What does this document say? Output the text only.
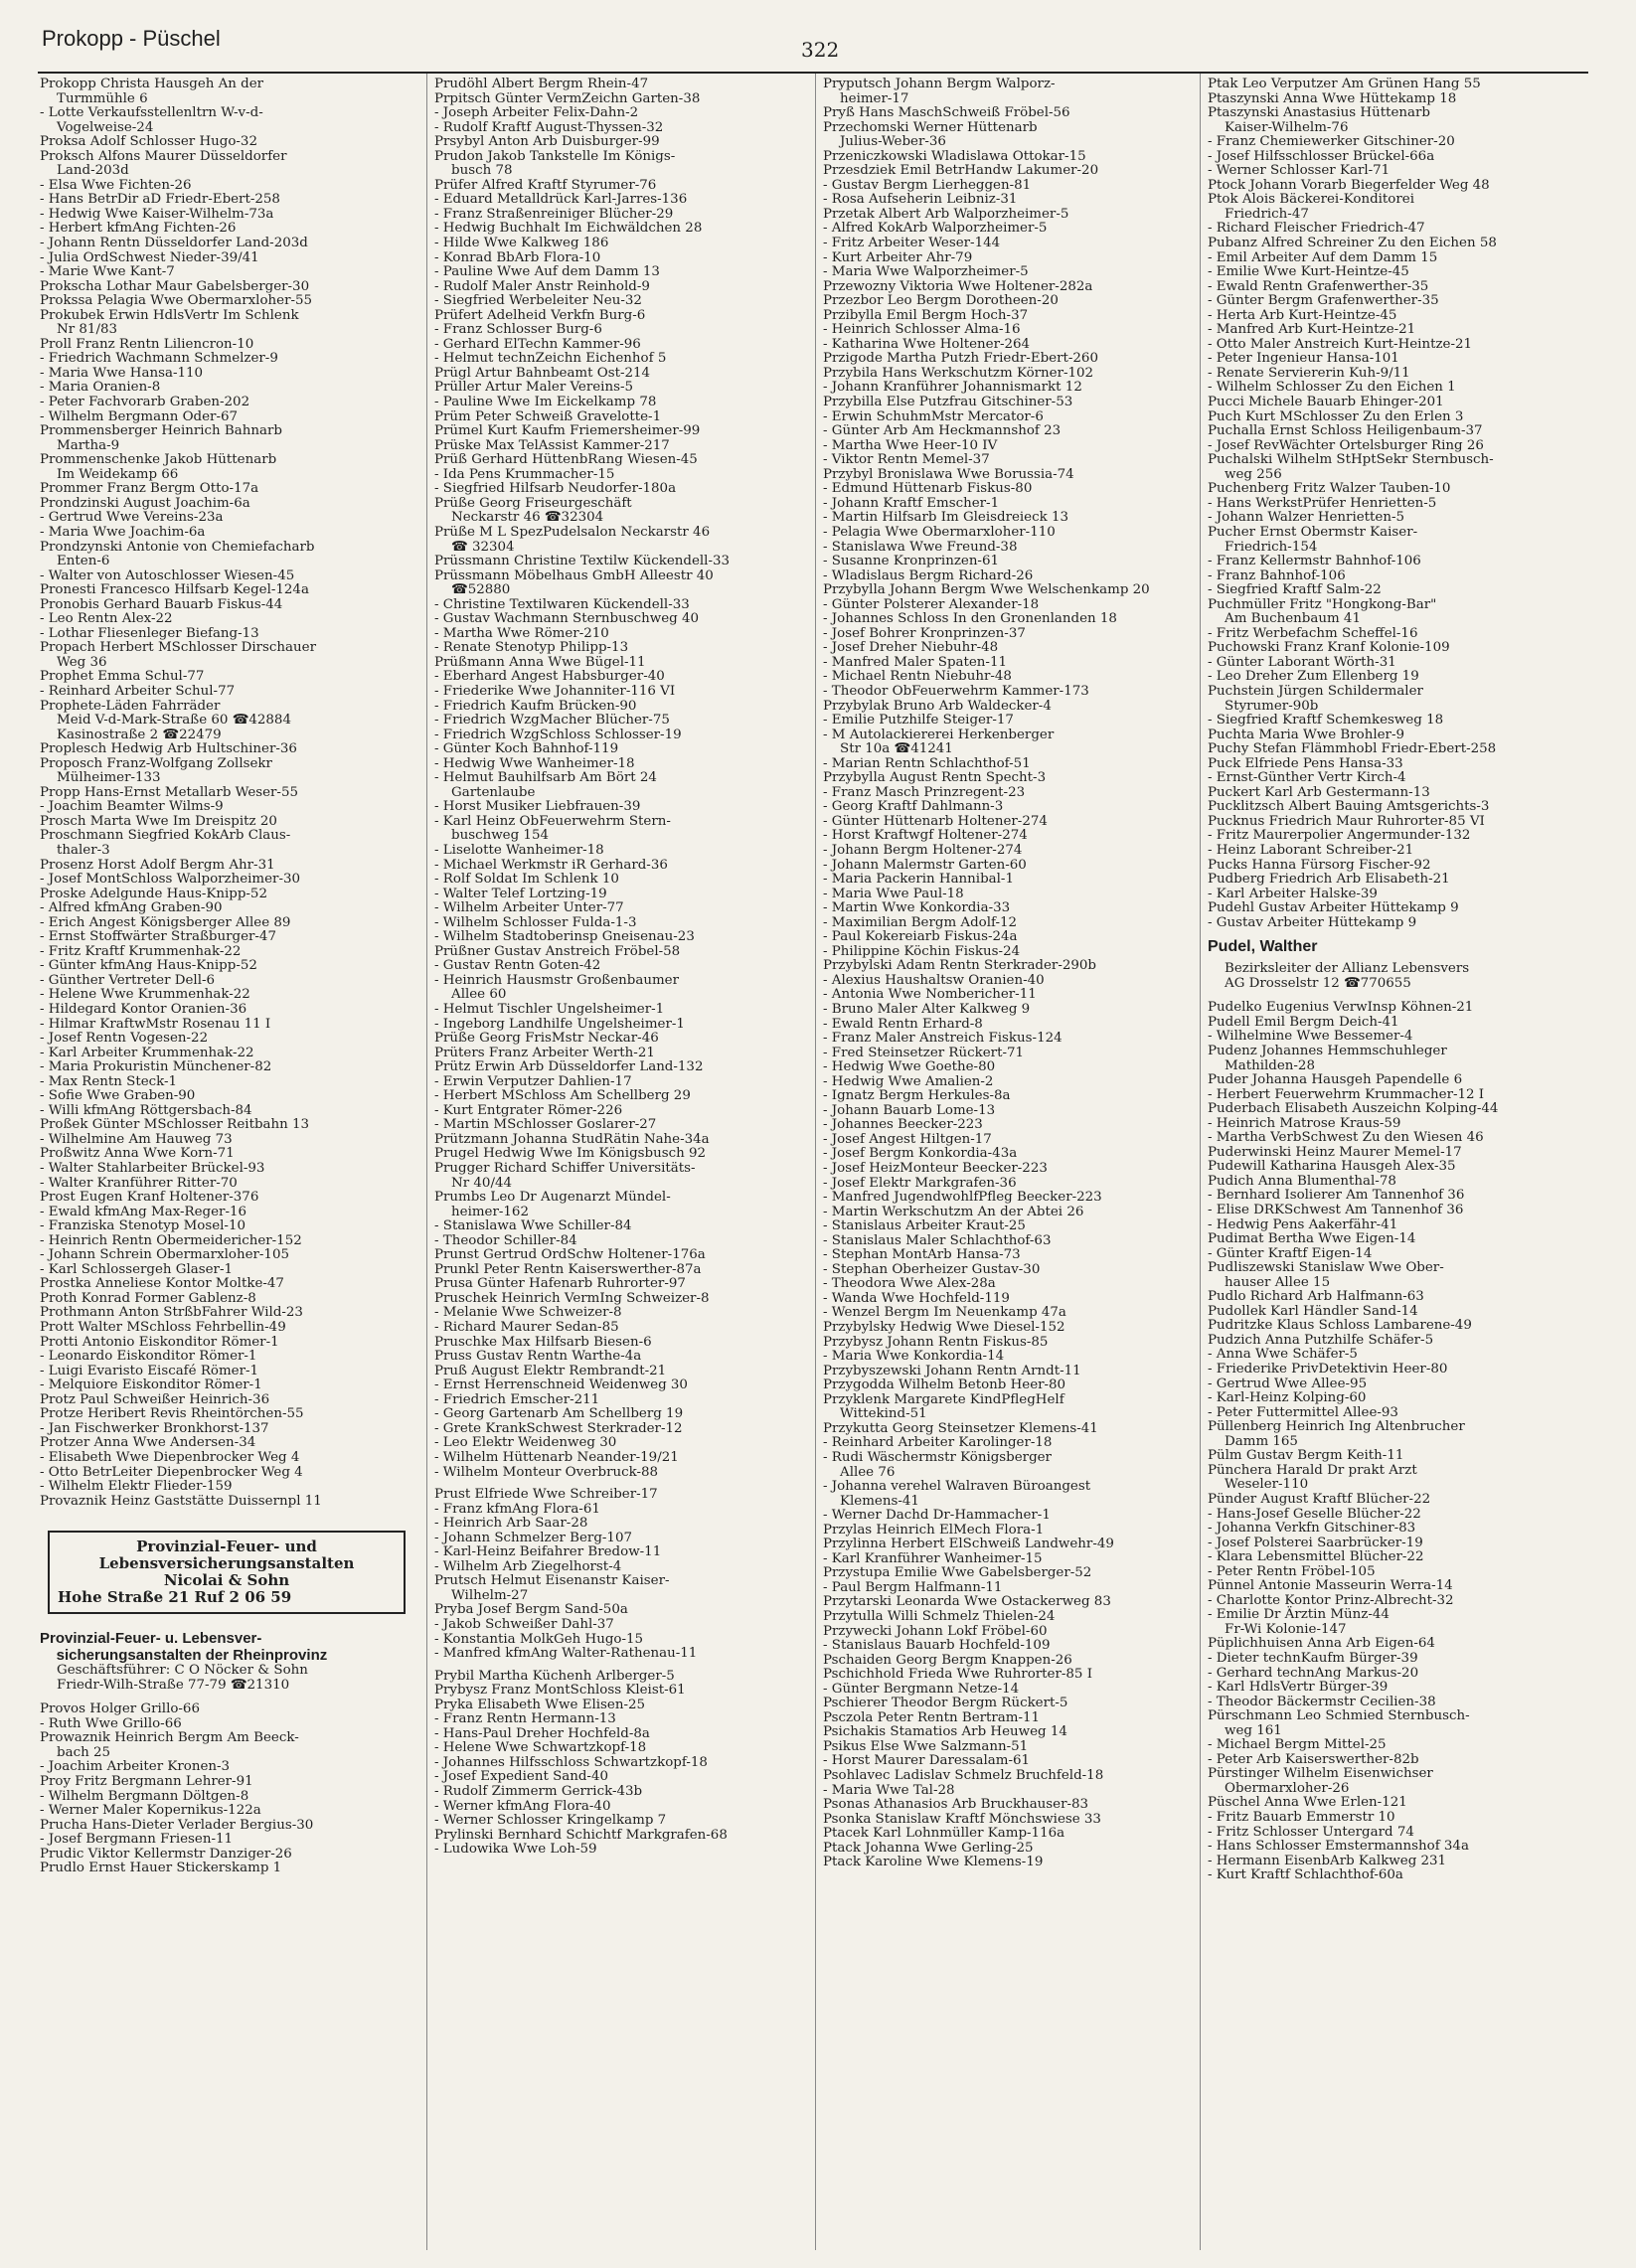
Prokopp - Püschel	322
Prokopp Christa Hausgeh An der
Turmmühle 6
- Lotte Verkaufsstellenltrn W-v-d-
Vogelweise-24
Proksa Adolf Schlosser Hugo-32
Proksch Alfons Maurer Düsseldorfer
Land-203d
- Elsa Wwe Fichten-26
- Hans BetrDir aD Friedr-Ebert-258
- Hedwig Wwe Kaiser-Wilhelm-73a
- Herbert kfmAng Fichten-26
- Johann Rentn Düsseldorfer Land-203d
- Julia OrdSchwest Nieder-39/41
- Marie Wwe Kant-7
Prokscha Lothar Maur Gabelsberger-30
Prokssa Pelagia Wwe Obermarxloher-55
Prokubek Erwin HdlsVertr Im Schlenk
Nr 81/83
Proll Franz Rentn Liliencron-10
- Friedrich Wachmann Schmelzer-9
- Maria Wwe Hansa-110
- Maria Oranien-8
- Peter Fachvorarb Graben-202
- Wilhelm Bergmann Oder-67
Prommensberger Heinrich Bahnarb
Martha-9
Prommenschenke Jakob Hüttenarb
Im Weidekamp 66
Prommer Franz Bergm Otto-17a
Prondzinski August Joachim-6a
- Gertrud Wwe Vereins-23a
- Maria Wwe Joachim-6a
Prondzynski Antonie von Chemiefacharb
Enten-6
- Walter von Autoschlosser Wiesen-45
Pronesti Francesco Hilfsarb Kegel-124a
Pronobis Gerhard Bauarb Fiskus-44
- Leo Rentn Alex-22
- Lothar Fliesenleger Biefang-13
Propach Herbert MSchlosser Dirschauer
Weg 36
Prophet Emma Schul-77
- Reinhard Arbeiter Schul-77
Prophete-Läden Fahrräder
Meid V-d-Mark-Straße 60 ☎42884
Kasinostraße 2 ☎22479
Proplesch Hedwig Arb Hultschiner-36
Proposch Franz-Wolfgang Zollsekr
Mülheimer-133
Propp Hans-Ernst Metallarb Weser-55
- Joachim Beamter Wilms-9
Prosch Marta Wwe Im Dreispitz 20
Proschmann Siegfried KokArb Claus-
thaler-3
Prosenz Horst Adolf Bergm Ahr-31
- Josef MontSchloss Walporzheimer-30
Proske Adelgunde Haus-Knipp-52
- Alfred kfmAng Graben-90
- Erich Angest Königsberger Allee 89
- Ernst Stoffwärter Straßburger-47
- Fritz Kraftf Krummenhak-22
- Günter kfmAng Haus-Knipp-52
- Günther Vertreter Dell-6
- Helene Wwe Krummenhak-22
- Hildegard Kontor Oranien-36
- Hilmar KraftwMstr Rosenau 11 I
- Josef Rentn Vogesen-22
- Karl Arbeiter Krummenhak-22
- Maria Prokuristin Münchener-82
- Max Rentn Steck-1
- Sofie Wwe Graben-90
- Willi kfmAng Röttgersbach-84
Proßek Günter MSchlosser Reitbahn 13
- Wilhelmine Am Hauweg 73
Proßwitz Anna Wwe Korn-71
- Walter Stahlarbeiter Brückel-93
- Walter Kranführer Ritter-70
Prost Eugen Kranf Holtener-376
- Ewald kfmAng Max-Reger-16
- Franziska Stenotyp Mosel-10
- Heinrich Rentn Obermeidericher-152
- Johann Schrein Obermarxloher-105
- Karl Schlossergeh Glaser-1
Prostka Anneliese Kontor Moltke-47
Proth Konrad Former Gablenz-8
Prothmann Anton StrßbFahrer Wild-23
Prott Walter MSchloss Fehrbellin-49
Protti Antonio Eiskonditor Römer-1
- Leonardo Eiskonditor Römer-1
- Luigi Evaristo Eiscafé Römer-1
- Melquiore Eiskonditor Römer-1
Protz Paul Schweißer Heinrich-36
Protze Heribert Revis Rheintörchen-55
- Jan Fischwerker Bronkhorst-137
Protzer Anna Wwe Andersen-34
- Elisabeth Wwe Diepenbrocker Weg 4
- Otto BetrLeiter Diepenbrocker Weg 4
- Wilhelm Elektr Flieder-159
Provaznik Heinz Gaststätte Duissernpl 11
Provinzial-Feuer- und
Lebensversicherungsanstalten
Nicolai & Sohn
Hohe Straße 21 Ruf 2 06 59
Provinzial-Feuer- u. Lebensver-
sicherungsanstalten der Rheinprovinz
Geschäftsführer: C O Nöcker & Sohn
Friedr-Wilh-Straße 77-79 ☎21310
Provos Holger Grillo-66
- Ruth Wwe Grillo-66
Prowaznik Heinrich Bergm Am Beeck-
bach 25
- Joachim Arbeiter Kronen-3
Proy Fritz Bergmann Lehrer-91
- Wilhelm Bergmann Döltgen-8
- Werner Maler Kopernikus-122a
Prucha Hans-Dieter Verlader Bergius-30
- Josef Bergmann Friesen-11
Prudic Viktor Kellermstr Danziger-26
Prudlo Ernst Hauer Stickerskamp 1
Prudöhl Albert Bergm Rhein-47
Prpitsch Günter VermZeichn Garten-38
- Joseph Arbeiter Felix-Dahn-2
- Rudolf Kraftf August-Thyssen-32
Prsybyl Anton Arb Duisburger-99
Prudon Jakob Tankstelle Im Königs-
busch 78
Prüfer Alfred Kraftf Styrumer-76
- Eduard Metalldrück Karl-Jarres-136
- Franz Straßenreiniger Blücher-29
- Hedwig Buchhalt Im Eichwäldchen 28
- Hilde Wwe Kalkweg 186
- Konrad BbArb Flora-10
- Pauline Wwe Auf dem Damm 13
- Rudolf Maler Anstr Reinhold-9
- Siegfried Werbeleiter Neu-32
Prüfert Adelheid Verkfn Burg-6
- Franz Schlosser Burg-6
- Gerhard ElTechn Kammer-96
- Helmut technZeichn Eichenhof 5
Prügl Artur Bahnbeamt Ost-214
Prüller Artur Maler Vereins-5
- Pauline Wwe Im Eickelkamp 78
Prüm Peter Schweiß Gravelotte-1
Prümel Kurt Kaufm Friemersheimer-99
Prüske Max TelAssist Kammer-217
Prüß Gerhard HüttenbRang Wiesen-45
- Ida Pens Krummacher-15
- Siegfried Hilfsarb Neudorfer-180a
Prüße Georg Friseurgeschäft
Neckarstr 46 ☎32304
Prüße M L SpezPudelsalon Neckarstr 46
☎ 32304
Prüssmann Christine Textilw Kückendell-33
Prüssmann Möbelhaus GmbH Alleestr 40
☎52880
- Christine Textilwaren Kückendell-33
- Gustav Wachmann Sternbuschweg 40
- Martha Wwe Römer-210
- Renate Stenotyp Philipp-13
Prüßmann Anna Wwe Bügel-11
- Eberhard Angest Habsburger-40
- Friederike Wwe Johanniter-116 VI
- Friedrich Kaufm Brücken-90
- Friedrich WzgMacher Blücher-75
- Friedrich WzgSchloss Schlosser-19
- Günter Koch Bahnhof-119
- Hedwig Wwe Wanheimer-18
- Helmut Bauhilfsarb Am Bört 24
Gartenlaube
- Horst Musiker Liebfrauen-39
- Karl Heinz ObFeuerwehrm Stern-
buschweg 154
- Liselotte Wanheimer-18
- Michael Werkmstr iR Gerhard-36
- Rolf Soldat Im Schlenk 10
- Walter Telef Lortzing-19
- Wilhelm Arbeiter Unter-77
- Wilhelm Schlosser Fulda-1-3
- Wilhelm Stadtoberinsp Gneisenau-23
Prüßner Gustav Anstreich Fröbel-58
- Gustav Rentn Goten-42
- Heinrich Hausmstr Großenbaumer
Allee 60
- Helmut Tischler Ungelsheimer-1
- Ingeborg Landhilfe Ungelsheimer-1
Prüße Georg FrisMstr Neckar-46
Prüters Franz Arbeiter Werth-21
Prütz Erwin Arb Düsseldorfer Land-132
- Erwin Verputzer Dahlien-17
- Herbert MSchloss Am Schellberg 29
- Kurt Entgrater Römer-226
- Martin MSchlosser Goslarer-27
Prützmann Johanna StudRätin Nahe-34a
Prugel Hedwig Wwe Im Königsbusch 92
Prugger Richard Schiffer Universitäts-
Nr 40/44
Prumbs Leo Dr Augenarzt Mündel-
heimer-162
- Stanislawa Wwe Schiller-84
- Theodor Schiller-84
Prunst Gertrud OrdSchw Holtener-176a
Prunkl Peter Rentn Kaiserswerther-87a
Prusa Günter Hafenarb Ruhrorter-97
Pruschek Heinrich VermIng Schweizer-8
- Melanie Wwe Schweizer-8
- Richard Maurer Sedan-85
Pruschke Max Hilfsarb Biesen-6
Pruss Gustav Rentn Warthe-4a
Pruß August Elektr Rembrandt-21
- Ernst Herrenschneid Weidenweg 30
- Friedrich Emscher-211
- Georg Gartenarb Am Schellberg 19
- Grete KrankSchwest Sterkrader-12
- Leo Elektr Weidenweg 30
- Wilhelm Hüttenarb Neander-19/21
- Wilhelm Monteur Overbruck-88
Prust Elfriede Wwe Schreiber-17
- Franz kfmAng Flora-61
- Heinrich Arb Saar-28
- Johann Schmelzer Berg-107
- Karl-Heinz Beifahrer Bredow-11
- Wilhelm Arb Ziegelhorst-4
Prutsch Helmut Eisenanstr Kaiser-
Wilhelm-27
Pryba Josef Bergm Sand-50a
- Jakob Schweißer Dahl-37
- Konstantia MolkGeh Hugo-15
- Manfred kfmAng Walter-Rathenau-11
Prybil Martha Küchenh Arlberger-5
Prybysz Franz MontSchloss Kleist-61
Pryka Elisabeth Wwe Elisen-25
- Franz Rentn Hermann-13
- Hans-Paul Dreher Hochfeld-8a
- Helene Wwe Schwartzkopf-18
- Johannes Hilfsschloss Schwartzkopf-18
- Josef Expedient Sand-40
- Rudolf Zimmerm Gerrick-43b
- Werner kfmAng Flora-40
- Werner Schlosser Kringelkamp 7
Prylinski Bernhard Schichtf Markgrafen-68
- Ludowika Wwe Loh-59
Pryputsch Johann Bergm Walporz-
heimer-17
Pryß Hans MaschSchweiß Fröbel-56
Przechomski Werner Hüttenarb
Julius-Weber-36
Przeniczkowski Wladislawa Ottokar-15
Przesdziek Emil BetrHandw Lakumer-20
- Gustav Bergm Lierheggen-81
- Rosa Aufseherin Leibniz-31
Przetak Albert Arb Walporzheimer-5
- Alfred KokArb Walporzheimer-5
- Fritz Arbeiter Weser-144
- Kurt Arbeiter Ahr-79
- Maria Wwe Walporzheimer-5
Przewozny Viktoria Wwe Holtener-282a
Przezbor Leo Bergm Dorotheen-20
Przibylla Emil Bergm Hoch-37
- Heinrich Schlosser Alma-16
- Katharina Wwe Holtener-264
Przigode Martha Putzh Friedr-Ebert-260
Przybila Hans Werkschutzm Körner-102
- Johann Kranführer Johannismarkt 12
Przybilla Else Putzfrau Gitschiner-53
- Erwin SchuhmMstr Mercator-6
- Günter Arb Am Heckmannshof 23
- Martha Wwe Heer-10 IV
- Viktor Rentn Memel-37
Przybyl Bronislawa Wwe Borussia-74
- Edmund Hüttenarb Fiskus-80
- Johann Kraftf Emscher-1
- Martin Hilfsarb Im Gleisdreieck 13
- Pelagia Wwe Obermarxloher-110
- Stanislawa Wwe Freund-38
- Susanne Kronprinzen-61
- Wladislaus Bergm Richard-26
Przybylla Johann Bergm Wwe Welschenkamp 20
- Günter Polsterer Alexander-18
- Johannes Schloss In den Gronenlanden 18
- Josef Bohrer Kronprinzen-37
- Josef Dreher Niebuhr-48
- Manfred Maler Spaten-11
- Michael Rentn Niebuhr-48
- Theodor ObFeuerwehrm Kammer-173
Przybylak Bruno Arb Waldecker-4
- Emilie Putzhilfe Steiger-17
- M Autolackiererei Herkenberger
Str 10a ☎41241
- Marian Rentn Schlachthof-51
Przybylla August Rentn Specht-3
- Franz Masch Prinzregent-23
- Georg Kraftf Dahlmann-3
- Günter Hüttenarb Holtener-274
- Horst Kraftwgf Holtener-274
- Johann Bergm Holtener-274
- Johann Malermstr Garten-60
- Maria Packerin Hannibal-1
- Maria Wwe Paul-18
- Martin Wwe Konkordia-33
- Maximilian Bergm Adolf-12
- Paul Kokereiarb Fiskus-24a
- Philippine Köchin Fiskus-24
Przybylski Adam Rentn Sterkrader-290b
- Alexius Haushaltsw Oranien-40
- Antonia Wwe Nombericher-11
- Bruno Maler Alter Kalkweg 9
- Ewald Rentn Erhard-8
- Franz Maler Anstreich Fiskus-124
- Fred Steinsetzer Rückert-71
- Hedwig Wwe Goethe-80
- Hedwig Wwe Amalien-2
- Ignatz Bergm Herkules-8a
- Johann Bauarb Lome-13
- Johannes Beecker-223
- Josef Angest Hiltgen-17
- Josef Bergm Konkordia-43a
- Josef HeizMonteur Beecker-223
- Josef Elektr Markgrafen-36
- Manfred JugendwohlfPfleg Beecker-223
- Martin Werkschutzm An der Abtei 26
- Stanislaus Arbeiter Kraut-25
- Stanislaus Maler Schlachthof-63
- Stephan MontArb Hansa-73
- Stephan Oberheizer Gustav-30
- Theodora Wwe Alex-28a
- Wanda Wwe Hochfeld-119
- Wenzel Bergm Im Neuenkamp 47a
Przybylsky Hedwig Wwe Diesel-152
Przybysz Johann Rentn Fiskus-85
- Maria Wwe Konkordia-14
Przybyszewski Johann Rentn Arndt-11
Przygodda Wilhelm Betonb Heer-80
Przyklenk Margarete KindPflegHelf
Wittekind-51
Przykutta Georg Steinsetzer Klemens-41
- Reinhard Arbeiter Karolinger-18
- Rudi Wäschermstr Königsberger
Allee 76
- Johanna verehel Walraven Büroangest
Klemens-41
- Werner Dachd Dr-Hammacher-1
Przylas Heinrich ElMech Flora-1
Przylinna Herbert ElSchweiß Landwehr-49
- Karl Kranführer Wanheimer-15
Przystupa Emilie Wwe Gabelsberger-52
- Paul Bergm Halfmann-11
Przytarski Leonarda Wwe Ostackerweg 83
Przytulla Willi Schmelz Thielen-24
Przywecki Johann Lokf Fröbel-60
- Stanislaus Bauarb Hochfeld-109
Pschaiden Georg Bergm Knappen-26
Pschichhold Frieda Wwe Ruhrorter-85 I
- Günter Bergmann Netze-14
Pschierer Theodor Bergm Rückert-5
Psczola Peter Rentn Bertram-11
Psichakis Stamatios Arb Heuweg 14
Psikus Else Wwe Salzmann-51
- Horst Maurer Daressalam-61
Psohlavec Ladislav Schmelz Bruchfeld-18
- Maria Wwe Tal-28
Psonas Athanasios Arb Bruckhauser-83
Psonka Stanislaw Kraftf Mönchswiese 33
Ptacek Karl Lohnmüller Kamp-116a
Ptack Johanna Wwe Gerling-25
Ptack Karoline Wwe Klemens-19
Ptak Leo Verputzer Am Grünen Hang 55
Ptaszynski Anna Wwe Hüttekamp 18
Ptaszynski Anastasius Hüttenarb
Kaiser-Wilhelm-76
- Franz Chemiewerker Gitschiner-20
- Josef Hilfsschlosser Brückel-66a
- Werner Schlosser Karl-71
Ptock Johann Vorarb Biegerfelder Weg 48
Ptok Alois Bäckerei-Konditorei
Friedrich-47
- Richard Fleischer Friedrich-47
Pubanz Alfred Schreiner Zu den Eichen 58
- Emil Arbeiter Auf dem Damm 15
- Emilie Wwe Kurt-Heintze-45
- Ewald Rentn Grafenwerther-35
- Günter Bergm Grafenwerther-35
- Herta Arb Kurt-Heintze-45
- Manfred Arb Kurt-Heintze-21
- Otto Maler Anstreich Kurt-Heintze-21
- Peter Ingenieur Hansa-101
- Renate Serviererin Kuh-9/11
- Wilhelm Schlosser Zu den Eichen 1
Pucci Michele Bauarb Ehinger-201
Puch Kurt MSchlosser Zu den Erlen 3
Puchalla Ernst Schloss Heiligenbaum-37
- Josef RevWächter Ortelsburger Ring 26
Puchalski Wilhelm StHptSekr Sternbusch-
weg 256
Puchenberg Fritz Walzer Tauben-10
- Hans WerkstPrüfer Henrietten-5
- Johann Walzer Henrietten-5
Pucher Ernst Obermstr Kaiser-
Friedrich-154
- Franz Kellermstr Bahnhof-106
- Franz Bahnhof-106
- Siegfried Kraftf Salm-22
Puchmüller Fritz "Hongkong-Bar"
Am Buchenbaum 41
- Fritz Werbefachm Scheffel-16
Puchowski Franz Kranf Kolonie-109
- Günter Laborant Wörth-31
- Leo Dreher Zum Ellenberg 19
Puchstein Jürgen Schildermaler
Styrumer-90b
- Siegfried Kraftf Schemkesweg 18
Puchta Maria Wwe Brohler-9
Puchy Stefan Flämmhobl Friedr-Ebert-258
Puck Elfriede Pens Hansa-33
- Ernst-Günther Vertr Kirch-4
Puckert Karl Arb Gestermann-13
Pucklitzsch Albert Bauing Amtsgerichts-3
Pucknus Friedrich Maur Ruhrorter-85 VI
- Fritz Maurerpolier Angermunder-132
- Heinz Laborant Schreiber-21
Pucks Hanna Fürsorg Fischer-92
Pudberg Friedrich Arb Elisabeth-21
- Karl Arbeiter Halske-39
Pudehl Gustav Arbeiter Hüttekamp 9
- Gustav Arbeiter Hüttekamp 9
Pudel, Walther
Bezirksleiter der Allianz Lebensvers
AG Drosselstr 12 ☎770655
Pudelko Eugenius VerwInsp Köhnen-21
Pudell Emil Bergm Deich-41
- Wilhelmine Wwe Bessemer-4
Pudenz Johannes Hemmschuhleger
Mathilden-28
Puder Johanna Hausgeh Papendelle 6
- Herbert Feuerwehrm Krummacher-12 I
Puderbach Elisabeth Auszeichn Kolping-44
- Heinrich Matrose Kraus-59
- Martha VerbSchwest Zu den Wiesen 46
Puderwinski Heinz Maurer Memel-17
Pudewill Katharina Hausgeh Alex-35
Pudich Anna Blumenthal-78
- Bernhard Isolierer Am Tannenhof 36
- Elise DRKSchwest Am Tannenhof 36
- Hedwig Pens Aakerfähr-41
Pudimat Bertha Wwe Eigen-14
- Günter Kraftf Eigen-14
Pudliszewski Stanislaw Wwe Ober-
hauser Allee 15
Pudlo Richard Arb Halfmann-63
Pudollek Karl Händler Sand-14
Pudritzke Klaus Schloss Lambarene-49
Pudzich Anna Putzhilfe Schäfer-5
- Anna Wwe Schäfer-5
- Friederike PrivDetektivin Heer-80
- Gertrud Wwe Allee-95
- Karl-Heinz Kolping-60
- Peter Futtermittel Allee-93
Püllenberg Heinrich Ing Altenbrucher
Damm 165
Pülm Gustav Bergm Keith-11
Pünchera Harald Dr prakt Arzt
Weseler-110
Pünder August Kraftf Blücher-22
- Hans-Josef Geselle Blücher-22
- Johanna Verkfn Gitschiner-83
- Josef Polsterei Saarbrücker-19
- Klara Lebensmittel Blücher-22
- Peter Rentn Fröbel-105
Pünnel Antonie Masseurin Werra-14
- Charlotte Kontor Prinz-Albrecht-32
- Emilie Dr Ärztin Münz-44
Fr-Wi Kolonie-147
Püplichhuisen Anna Arb Eigen-64
- Dieter technKaufm Bürger-39
- Gerhard technAng Markus-20
- Karl HdlsVertr Bürger-39
- Theodor Bäckermstr Cecilien-38
Pürschmann Leo Schmied Sternbusch-
weg 161
- Michael Bergm Mittel-25
- Peter Arb Kaiserswerther-82b
Pürstinger Wilhelm Eisenwichser
Obermarxloher-26
Püschel Anna Wwe Erlen-121
- Fritz Bauarb Emmerstr 10
- Fritz Schlosser Untergard 74
- Hans Schlosser Emstermannshof 34a
- Hermann EisenbArb Kalkweg 231
- Kurt Kraftf Schlachthof-60a
